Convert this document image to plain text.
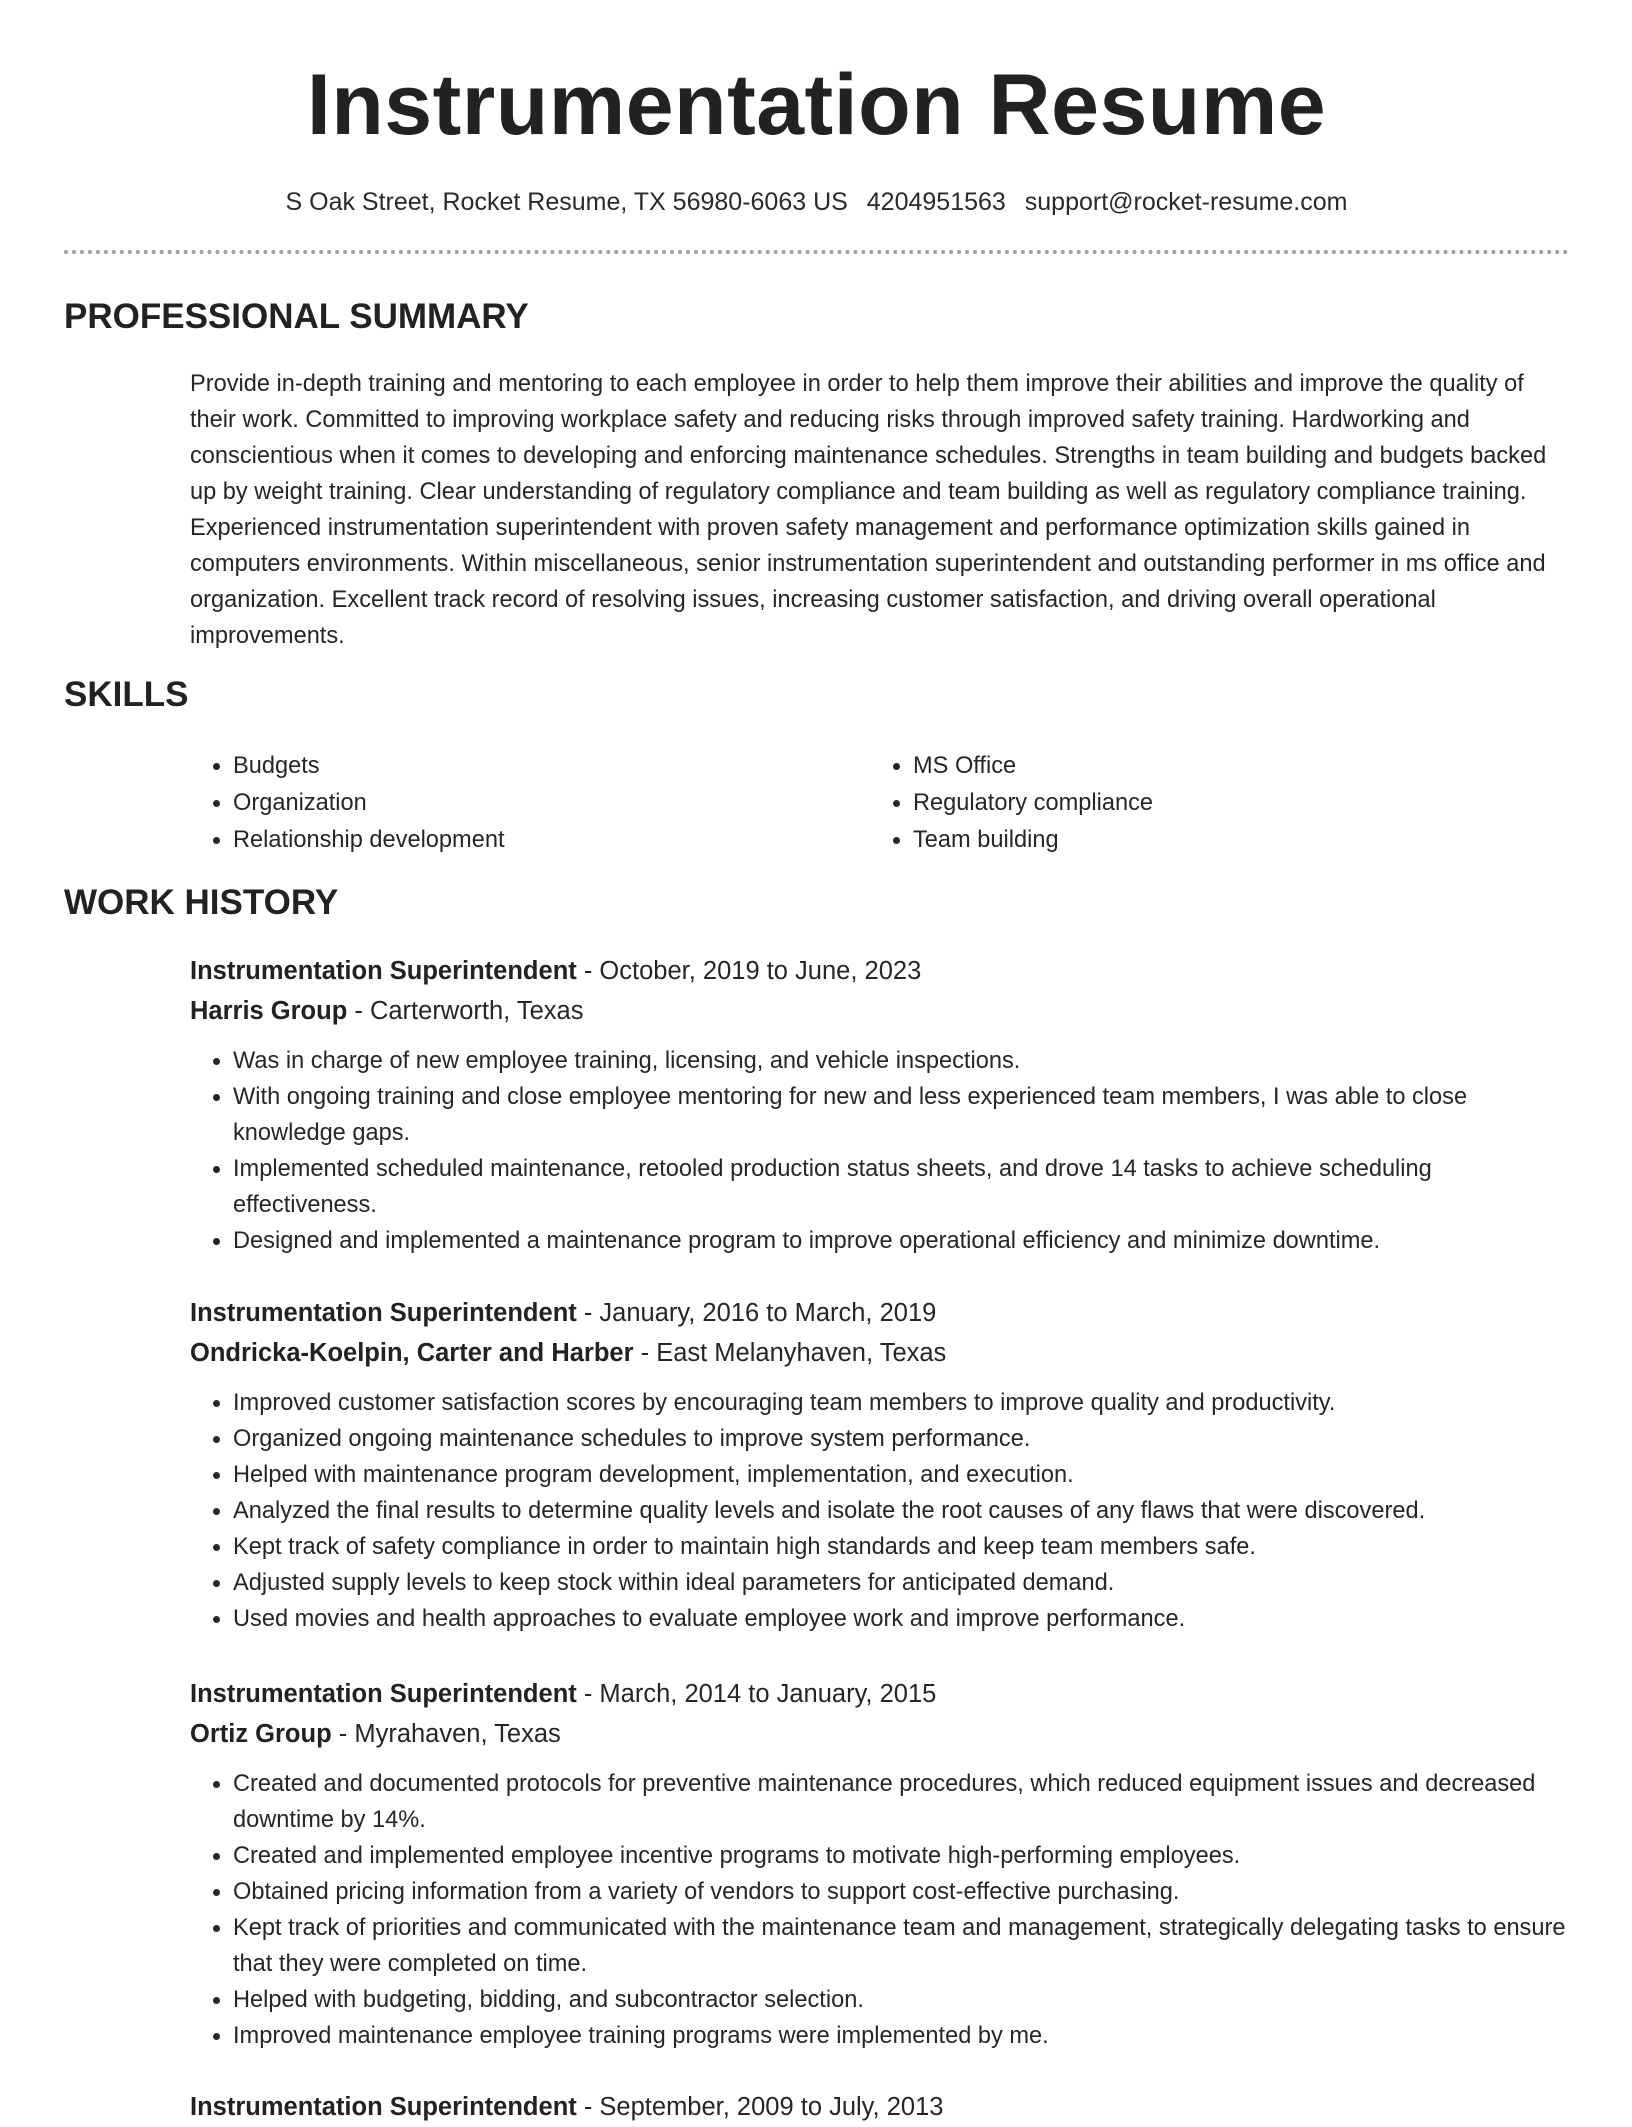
Instrumentation Resume
S Oak Street, Rocket Resume, TX 56980-6063 US 4204951563 support@rocket-resume.com
PROFESSIONAL SUMMARY

Provide in-depth training and mentoring to each employee in order to help them improve their abilities and improve the quality of their work. Committed to improving workplace safety and reducing risks through improved safety training. Hardworking and conscientious when it comes to developing and enforcing maintenance schedules. Strengths in team building and budgets backed up by weight training. Clear understanding of regulatory compliance and team building as well as regulatory compliance training. Experienced instrumentation superintendent with proven safety management and performance optimization skills gained in computers environments. Within miscellaneous, senior instrumentation superintendent and outstanding performer in ms office and organization. Excellent track record of resolving issues, increasing customer satisfaction, and driving overall operational improvements.

SKILLS
• Budgets
• Organization
• Relationship development
• MS Office
• Regulatory compliance
• Team building
WORK HISTORY
Instrumentation Superintendent - October, 2019 to June, 2023
Harris Group - Carterworth, Texas
• Was in charge of new employee training, licensing, and vehicle inspections.
• With ongoing training and close employee mentoring for new and less experienced team members, I was able to close knowledge gaps.
• Implemented scheduled maintenance, retooled production status sheets, and drove 14 tasks to achieve scheduling effectiveness.
• Designed and implemented a maintenance program to improve operational efficiency and minimize downtime.
Instrumentation Superintendent - January, 2016 to March, 2019
Ondricka-Koelpin, Carter and Harber - East Melanyhaven, Texas
• Improved customer satisfaction scores by encouraging team members to improve quality and productivity.
• Organized ongoing maintenance schedules to improve system performance.
• Helped with maintenance program development, implementation, and execution.
• Analyzed the final results to determine quality levels and isolate the root causes of any flaws that were discovered.
• Kept track of safety compliance in order to maintain high standards and keep team members safe.
• Adjusted supply levels to keep stock within ideal parameters for anticipated demand.
• Used movies and health approaches to evaluate employee work and improve performance.
Instrumentation Superintendent - March, 2014 to January, 2015
Ortiz Group - Myrahaven, Texas
• Created and documented protocols for preventive maintenance procedures, which reduced equipment issues and decreased downtime by 14%.
• Created and implemented employee incentive programs to motivate high-performing employees.
• Obtained pricing information from a variety of vendors to support cost-effective purchasing.
• Kept track of priorities and communicated with the maintenance team and management, strategically delegating tasks to ensure that they were completed on time.
• Helped with budgeting, bidding, and subcontractor selection.
• Improved maintenance employee training programs were implemented by me.
Instrumentation Superintendent - September, 2009 to July, 2013
